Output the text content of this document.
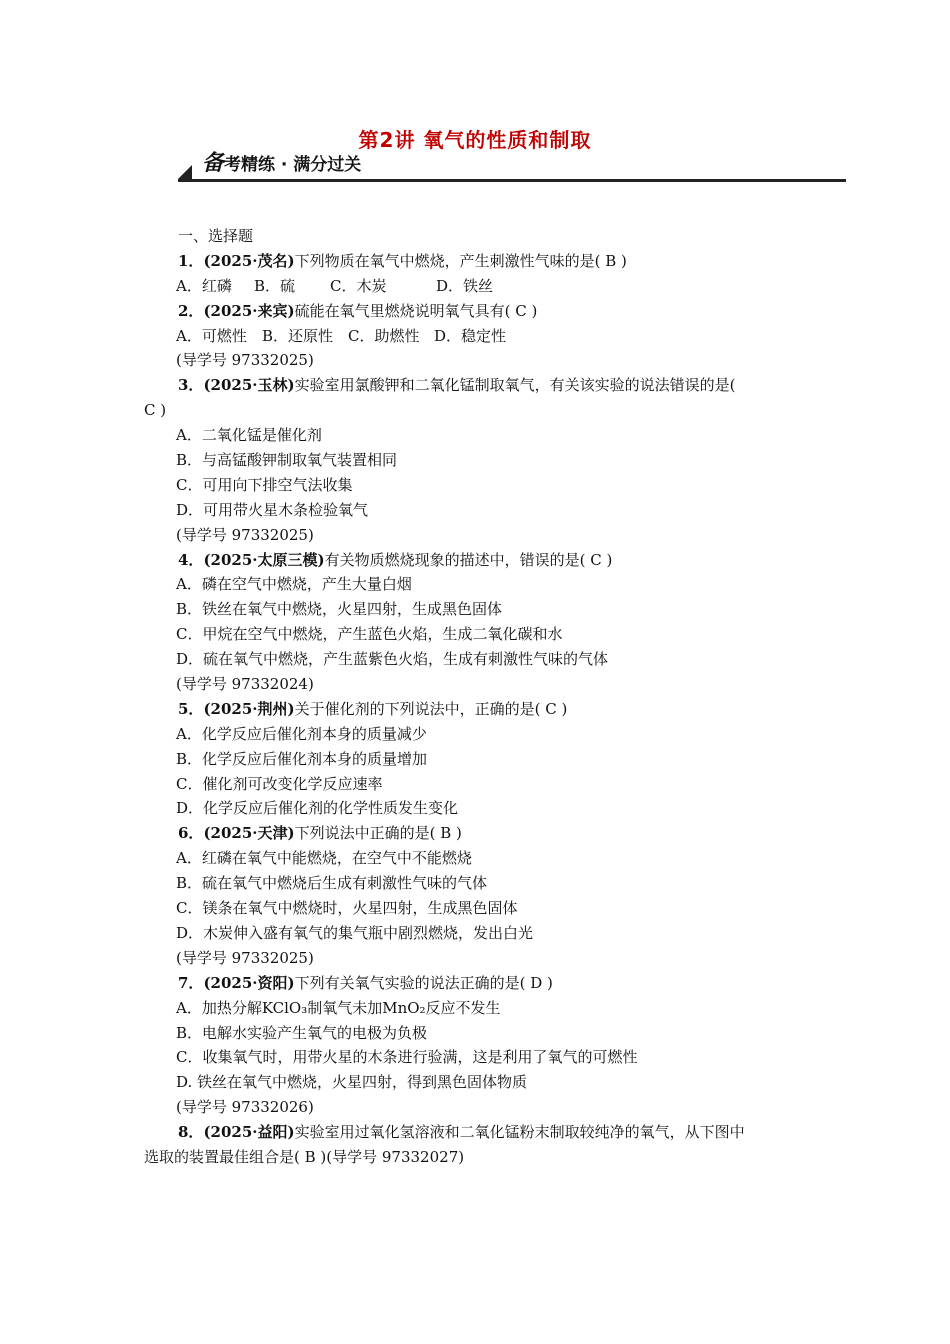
第2讲 氧气的性质和制取
备考精练 · 满分过关
一、选择题
1．(2025·茂名)下列物质在氧气中燃烧，产生刺激性气味的是( B )
A．红磷 B．硫 C．木炭	D．铁丝
2．(2025·来宾)硫能在氧气里燃烧说明氧气具有( C )
A．可燃性 B．还原性 C．助燃性 D．稳定性
(导学号 97332025)
3．(2025·玉林)实验室用氯酸钾和二氧化锰制取氧气，有关该实验的说法错误的是(
C )
A．二氧化锰是催化剂
B．与高锰酸钾制取氧气装置相同
C．可用向下排空气法收集
D．可用带火星木条检验氧气
(导学号 97332025)
4．(2025·太原三模)有关物质燃烧现象的描述中，错误的是( C )
A．磷在空气中燃烧，产生大量白烟
B．铁丝在氧气中燃烧，火星四射，生成黑色固体
C．甲烷在空气中燃烧，产生蓝色火焰，生成二氧化碳和水
D．硫在氧气中燃烧，产生蓝紫色火焰，生成有刺激性气味的气体
(导学号 97332024)
5．(2025·荆州)关于催化剂的下列说法中，正确的是( C )
A．化学反应后催化剂本身的质量减少
B．化学反应后催化剂本身的质量增加
C．催化剂可改变化学反应速率
D．化学反应后催化剂的化学性质发生变化
6．(2025·天津)下列说法中正确的是( B )
A．红磷在氧气中能燃烧，在空气中不能燃烧
B．硫在氧气中燃烧后生成有刺激性气味的气体
C．镁条在氧气中燃烧时，火星四射，生成黑色固体
D．木炭伸入盛有氧气的集气瓶中剧烈燃烧，发出白光
(导学号 97332025)
7．(2025·资阳)下列有关氧气实验的说法正确的是( D )
A．加热分解KClO₃制氧气未加MnO₂反应不发生
B．电解水实验产生氧气的电极为负极
C．收集氧气时，用带火星的木条进行验满，这是利用了氧气的可燃性
D. 铁丝在氧气中燃烧，火星四射，得到黑色固体物质
(导学号 97332026)
8．(2025·益阳)实验室用过氧化氢溶液和二氧化锰粉末制取较纯净的氧气，从下图中
选取的装置最佳组合是( B )(导学号 97332027)
